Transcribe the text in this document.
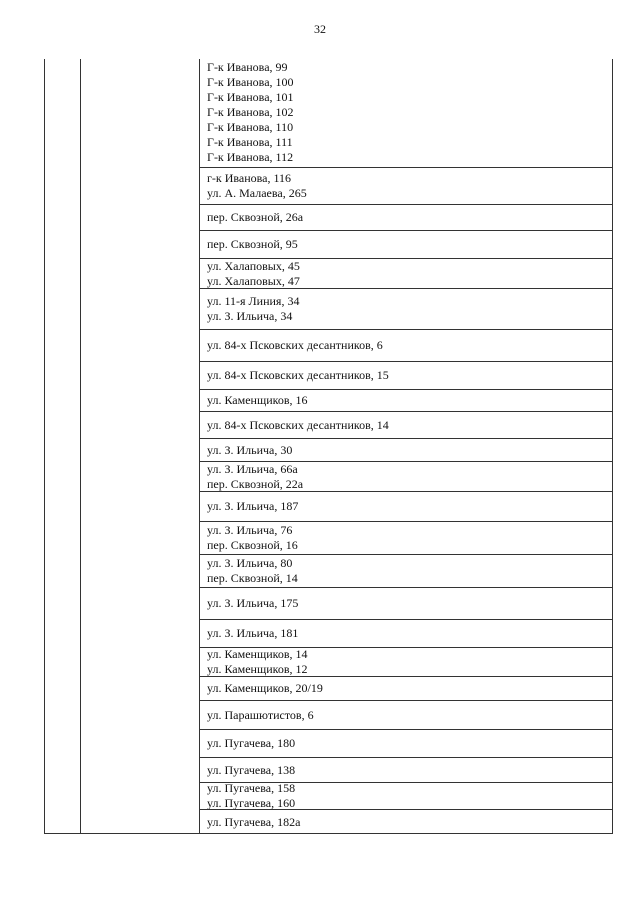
32
Г-к Иванова, 99
Г-к Иванова, 100
Г-к Иванова, 101
Г-к Иванова, 102
Г-к Иванова, 110
Г-к Иванова, 111
Г-к Иванова, 112
г-к Иванова, 116
ул. А. Малаева, 265
пер. Сквозной, 26а
пер. Сквозной, 95
ул. Халаповых, 45
ул. Халаповых, 47
ул. 11-я Линия, 34
ул. З. Ильича, 34
ул. 84-х Псковских десантников, 6
ул. 84-х Псковских десантников, 15
ул. Каменщиков, 16
ул. 84-х Псковских десантников, 14
ул. З. Ильича, 30
ул. З. Ильича, 66а
пер. Сквозной, 22а
ул. З. Ильича, 187
ул. З. Ильича, 76
пер. Сквозной, 16
ул. З. Ильича, 80
пер. Сквозной, 14
ул. З. Ильича, 175
ул. З. Ильича, 181
ул. Каменщиков, 14
ул. Каменщиков, 12
ул. Каменщиков, 20/19
ул. Парашютистов, 6
ул. Пугачева, 180
ул. Пугачева, 138
ул. Пугачева, 158
ул. Пугачева, 160
ул. Пугачева, 182а
